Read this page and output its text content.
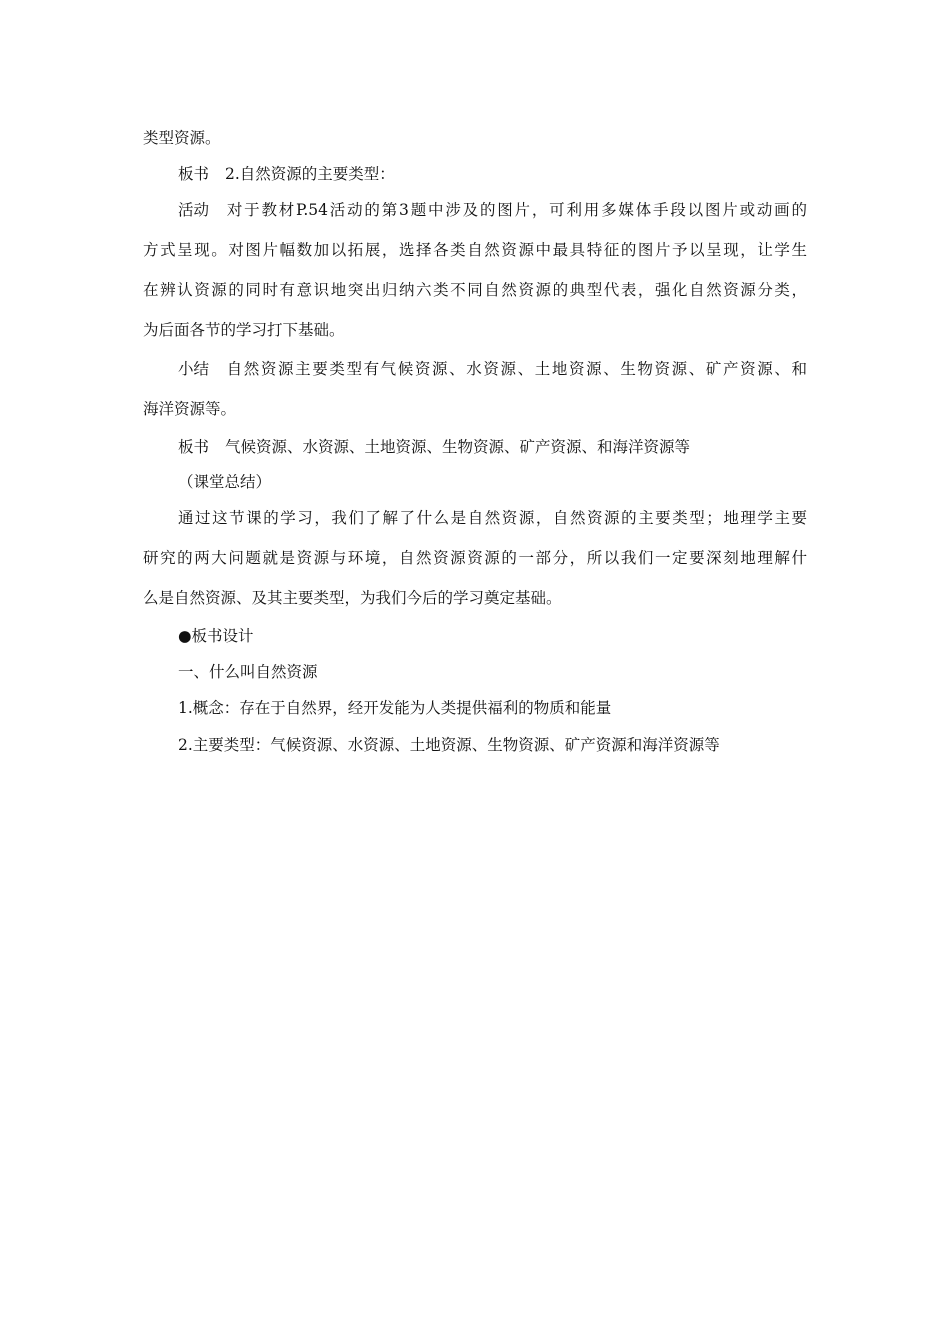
类型资源。
板书 2.自然资源的主要类型：
活动 对于教材P.54活动的第3题中涉及的图片，可利用多媒体手段以图片或动画的
方式呈现。对图片幅数加以拓展，选择各类自然资源中最具特征的图片予以呈现，让学生
在辨认资源的同时有意识地突出归纳六类不同自然资源的典型代表，强化自然资源分类，
为后面各节的学习打下基础。
小结 自然资源主要类型有气候资源、水资源、土地资源、生物资源、矿产资源、和
海洋资源等。
板书 气候资源、水资源、土地资源、生物资源、矿产资源、和海洋资源等
（课堂总结）
通过这节课的学习，我们了解了什么是自然资源，自然资源的主要类型；地理学主要
研究的两大问题就是资源与环境，自然资源资源的一部分，所以我们一定要深刻地理解什
么是自然资源、及其主要类型，为我们今后的学习奠定基础。
●板书设计
一、什么叫自然资源
1.概念：存在于自然界，经开发能为人类提供福利的物质和能量
2.主要类型：气候资源、水资源、土地资源、生物资源、矿产资源和海洋资源等
